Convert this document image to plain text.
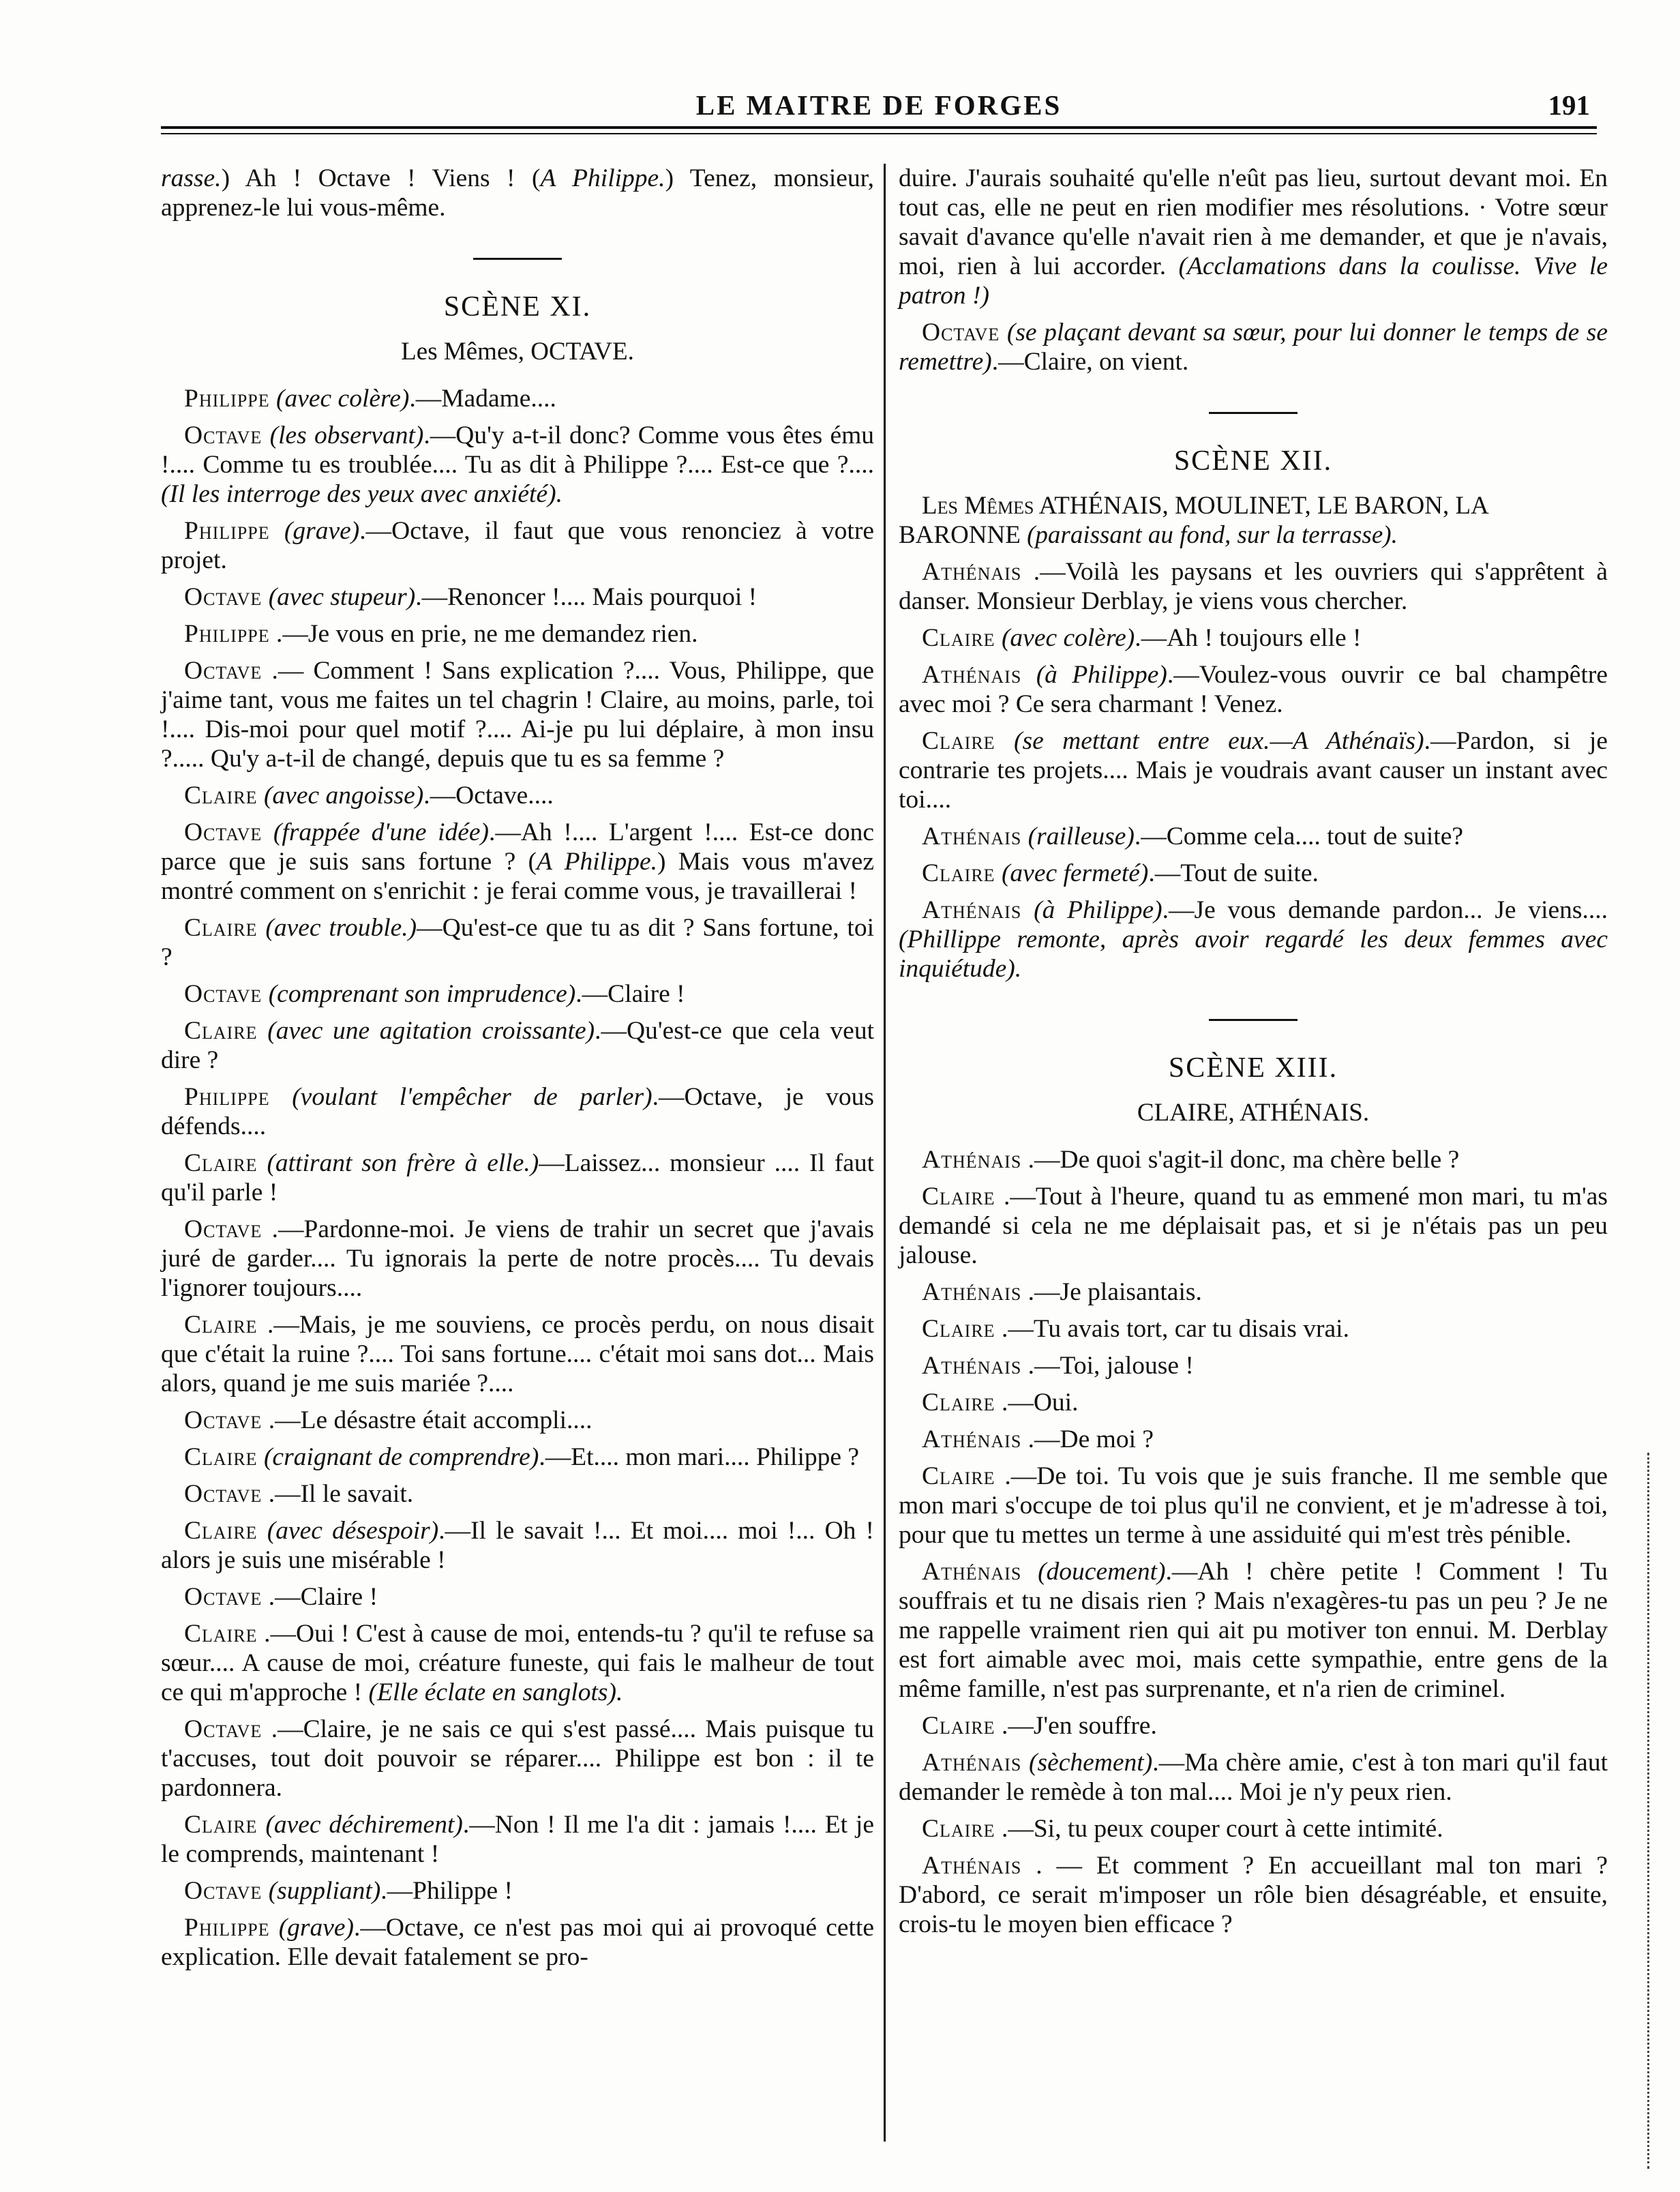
LE MAITRE DE FORGES	191

rasse.) Ah ! Octave ! Viens ! (A Philippe.) Tenez, monsieur, apprenez-le lui vous-même.

SCÈNE XI.
Les Mêmes, OCTAVE.

Philippe (avec colère).—Madame....

Octave (les observant).—Qu'y a-t-il donc? Comme vous êtes ému !.... Comme tu es troublée.... Tu as dit à Philippe ?.... Est-ce que ?.... (Il les interroge des yeux avec anxiété).

Philippe (grave).—Octave, il faut que vous renonciez à votre projet.

Octave (avec stupeur).—Renoncer !.... Mais pourquoi !

Philippe .—Je vous en prie, ne me demandez rien.

Octave .— Comment ! Sans explication ?.... Vous, Philippe, que j'aime tant, vous me faites un tel chagrin ! Claire, au moins, parle, toi !.... Dis-moi pour quel motif ?.... Ai-je pu lui déplaire, à mon insu ?..... Qu'y a-t-il de changé, depuis que tu es sa femme ?

Claire (avec angoisse).—Octave....

Octave (frappée d'une idée).—Ah !.... L'argent !.... Est-ce donc parce que je suis sans fortune ? (A Philippe.) Mais vous m'avez montré comment on s'enrichit : je ferai comme vous, je travaillerai !

Claire (avec trouble.)—Qu'est-ce que tu as dit ? Sans fortune, toi ?

Octave (comprenant son imprudence).—Claire !

Claire (avec une agitation croissante).—Qu'est-ce que cela veut dire ?

Philippe (voulant l'empêcher de parler).—Octave, je vous défends....

Claire (attirant son frère à elle.)—Laissez... monsieur .... Il faut qu'il parle !

Octave .—Pardonne-moi. Je viens de trahir un secret que j'avais juré de garder.... Tu ignorais la perte de notre procès.... Tu devais l'ignorer toujours....

Claire .—Mais, je me souviens, ce procès perdu, on nous disait que c'était la ruine ?.... Toi sans fortune.... c'était moi sans dot... Mais alors, quand je me suis mariée ?....

Octave .—Le désastre était accompli....

Claire (craignant de comprendre).—Et.... mon mari.... Philippe ?

Octave .—Il le savait.

Claire (avec désespoir).—Il le savait !... Et moi.... moi !... Oh ! alors je suis une misérable !

Octave .—Claire !

Claire .—Oui ! C'est à cause de moi, entends-tu ? qu'il te refuse sa sœur.... A cause de moi, créature funeste, qui fais le malheur de tout ce qui m'approche ! (Elle éclate en sanglots).

Octave .—Claire, je ne sais ce qui s'est passé.... Mais puisque tu t'accuses, tout doit pouvoir se réparer.... Philippe est bon : il te pardonnera.

Claire (avec déchirement).—Non ! Il me l'a dit : jamais !.... Et je le comprends, maintenant !

Octave (suppliant).—Philippe !

Philippe (grave).—Octave, ce n'est pas moi qui ai provoqué cette explication. Elle devait fatalement se pro-

duire. J'aurais souhaité qu'elle n'eût pas lieu, surtout devant moi. En tout cas, elle ne peut en rien modifier mes résolutions. · Votre sœur savait d'avance qu'elle n'avait rien à me demander, et que je n'avais, moi, rien à lui accorder. (Acclamations dans la coulisse. Vive le patron !)

Octave (se plaçant devant sa sœur, pour lui donner le temps de se remettre).—Claire, on vient.

SCÈNE XII.

Les Mêmes ATHÉNAIS, MOULINET, LE BARON, LA BARONNE (paraissant au fond, sur la terrasse).

Athénais .—Voilà les paysans et les ouvriers qui s'apprêtent à danser. Monsieur Derblay, je viens vous chercher.

Claire (avec colère).—Ah ! toujours elle !

Athénais (à Philippe).—Voulez-vous ouvrir ce bal champêtre avec moi ? Ce sera charmant ! Venez.

Claire (se mettant entre eux.—A Athénaïs).—Pardon, si je contrarie tes projets.... Mais je voudrais avant causer un instant avec toi....

Athénais (railleuse).—Comme cela.... tout de suite?

Claire (avec fermeté).—Tout de suite.

Athénais (à Philippe).—Je vous demande pardon... Je viens.... (Phillippe remonte, après avoir regardé les deux femmes avec inquiétude).

SCÈNE XIII.
CLAIRE, ATHÉNAIS.

Athénais .—De quoi s'agit-il donc, ma chère belle ?

Claire .—Tout à l'heure, quand tu as emmené mon mari, tu m'as demandé si cela ne me déplaisait pas, et si je n'étais pas un peu jalouse.

Athénais .—Je plaisantais.

Claire .—Tu avais tort, car tu disais vrai.

Athénais .—Toi, jalouse !

Claire .—Oui.

Athénais .—De moi ?

Claire .—De toi. Tu vois que je suis franche. Il me semble que mon mari s'occupe de toi plus qu'il ne convient, et je m'adresse à toi, pour que tu mettes un terme à une assiduité qui m'est très pénible.

Athénais (doucement).—Ah ! chère petite ! Comment ! Tu souffrais et tu ne disais rien ? Mais n'exagères-tu pas un peu ? Je ne me rappelle vraiment rien qui ait pu motiver ton ennui. M. Derblay est fort aimable avec moi, mais cette sympathie, entre gens de la même famille, n'est pas surprenante, et n'a rien de criminel.

Claire .—J'en souffre.

Athénais (sèchement).—Ma chère amie, c'est à ton mari qu'il faut demander le remède à ton mal.... Moi je n'y peux rien.

Claire .—Si, tu peux couper court à cette intimité.

Athénais . — Et comment ? En accueillant mal ton mari ? D'abord, ce serait m'imposer un rôle bien désagréable, et ensuite, crois-tu le moyen bien efficace ?
